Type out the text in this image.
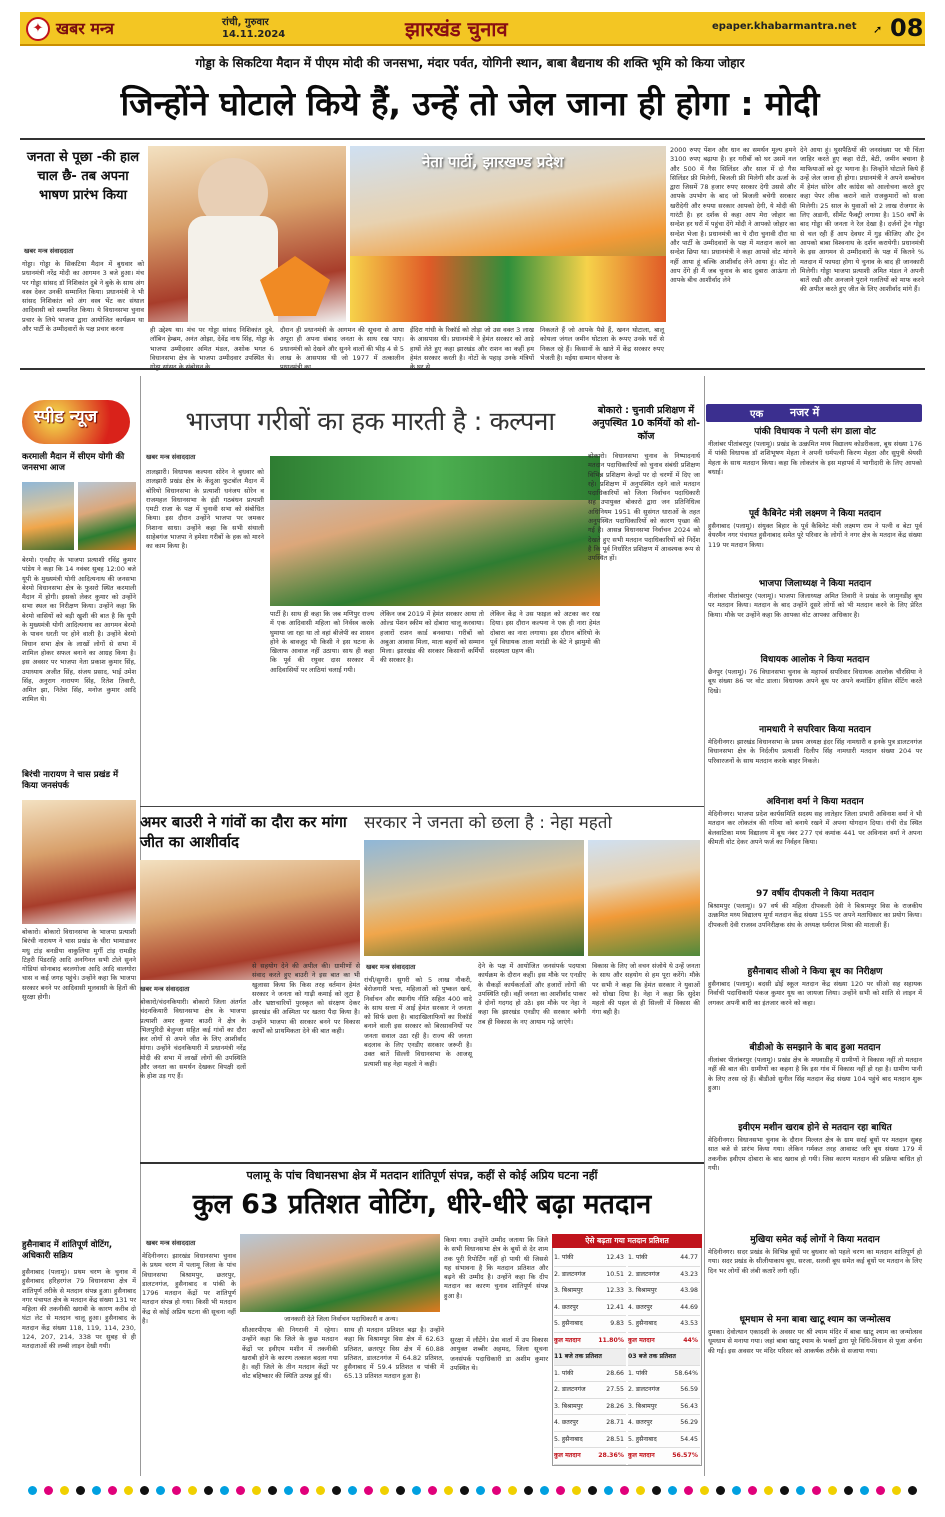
✦ खबर मन्त्र	रांची, गुरुवार
14.11.2024	झारखंड चुनाव	epaper.khabarmantra.net ➚ 08
गोड्डा के सिकटिया मैदान में पीएम मोदी की जनसभा, मंदार पर्वत, योगिनी स्थान, बाबा बैद्यनाथ की शक्ति भूमि को किया जोहार
जिन्होंने घोटाले किये हैं, उन्हें तो जेल जाना ही होगा : मोदी
जनता से पूछा -की हाल चाल छै- तब अपना भाषण प्रारंभ किया
खबर मन्त्र संवाददाता
गोड्डा। गोड्डा के सिकटिया मैदान में बुधवार को प्रधानमंत्री नरेंद्र मोदी का आगमन 3 बजे हुआ। मंच पर गोड्डा सांसद डॉ निशिकांत दुबे ने बुके के साथ अंग वस्त्र देकर उनकी सम्मानित किया। प्रधानमंत्री ने भी सांसद निशिकांत को अंग वस्त्र भेंट कर संथाल आदिवासी को सम्मानित किया। ये विधानसभा चुनाव प्रचार के लिये भाजपा द्वारा आयोजित कार्यक्रम था और पार्टी के उम्मीदवारों के पक्ष प्रचार करना
नेता पार्टी, झारखण्ड प्रदेश
ही उद्देश्य था। मंच पर गोड्डा सांसद निशिकांत दुबे, लॉबिन हेम्ब्रम, अनंत ओझा, देवेंद्र नाथ सिंह, गोड्डा के भाजपा उम्मीदवार अमित मंडल, अशोक भगत 6 विधानसभा क्षेत्र के भाजपा उम्मीदवार उपस्थित थे।
दौरान ही प्रधानमंत्री के आगमन की सूचना से आया अपूरा ही अपना संबाद जनता के साथ रख पाए। प्रधानमंत्री को देखने और सुनने वालों की भीड़ 4 से 5 लाख के आसपास थी जो 1977 में तत्कालीन
ईंदिरा गांधी के रिकॉर्ड को तोड़ा जो उस वक्त 3 लाख के आसपास थी। प्रधानमंत्री ने हेमंत सरकार को आड़े हाथों लेते हुए कहा झारखंड और राशन का कहीं हम हेमंत सरकार करती है। नोटों के पहाड़ उनके मंत्रियों
निकलते हैं जो आपके पैसे हैं, खनन घोटाला, बालू कोयला जंगल जमीन घोटाला के रूपए उनके घरों से निकल रहे हैं। किसानों के खाते में केंद्र सरकार रुपए भेजती है। मईया सम्मान योजना के
2000 रुपए पेंशन और धान का समर्थन मूल्य हमने 3100 रुपए बढ़ाया है। हर गरीबों को घर उसमें नल और 500 में गैस सिलिंडर और साल में दो गैस सिलिंडर फ्री मिलेगी, बिजली फ्री मिलेगी सौर ऊर्जा के द्वारा जिसमें 78 हजार रुपए सरकार देगी उससे और आपके उपभोग के बाद जो बिजली बचेगी सरकार खरीदेगी और रुपया सरकार आपको देगी, ये मोदी की गारंटी है। हर दर्शक से कहा आप मेरा जोहार का सन्देश हर घरों में पहुंचा देंगे मोदी ने आपको जोहार का सन्देश भेजा है। प्रधानमंत्री का ये दौरा चुनावी दौरा था और पार्टी के उम्मीदवारों के पक्ष में मतदान करने का सन्देश छिपा था। प्रधानमंत्री ने कहा आपसे वोट मांगने नहीं आया हूं बल्कि आशीर्वाद लेने आया हूं। वोट तो आप देंगे ही मैं जब चुनाव के बाद दुबारा आऊंगा तो आपके बीच आशीर्वाद लेने
देने आया हूं। घुसपैठियों की जनसंख्या पर भी चिंता जाहिर करते हुए कहा रोटी, बेटी, जमीन बचाना है माफियाओं को दूर भगाना है। जिन्होंने घोटाले किये हैं उन्हें जेल जाना ही होगा। प्रधानमंत्री ने अपने सम्बोधन में हेमंत सोरेन और कांग्रेस को आलोचना करते हुए कहा पेपर लीक कराने वाले राजकुमारों को सजा मिलेगी। 25 साल के युवाओं को 2 लाख रोजगार के लिए अडानी, सीमेंट फैक्ट्री लगाया है। 150 वर्षों के बाद गोड्डा की जनता ने रेल देखा है। दर्जनों ट्रेन गोड्डा से चल रही हैं आप देवघर में गुड़ कीजिए और ट्रेन आपको बाबा विश्वनाथ के दर्शन करायेगी। प्रधानमंत्री के इस आगमन से उम्मीदवारों के पक्ष में कितने % मतदान में फायदा होगा ये चुनाव के बाद ही जानकारी मिलेगी। गोड्डा भाजपा प्रत्याशी अमित मंडल ने अपनी बातें रखी और अनजाने पुराने गलतियों को माफ करने की अपील करते हुए जीत के लिए आशीर्वाद मांगे हैं।
स्पीड न्यूज
करमाली मैदान में सीएम योगी की जनसभा आज
बेरमो। एनडीए के भाजपा प्रत्याशी रविंद्र कुमार पांडेय ने कहा कि 14 नवंबर सुबह 12:00 बजे यूपी के मुख्यमंत्री योगी आदित्यनाथ की जनसभा बेरमो विधानसभा क्षेत्र के फुसरो स्थित करमाली मैदान में होगी। इसको लेकर कुमार को उन्होंने सभा स्थल का निरीक्षण किया। उन्होंने कहा कि बेरमो वासियों को बड़ी खुशी की बात है कि यूपी के मुख्यमंत्री योगी आदित्यनाथ का आगमन बेरमो के पावन धरती पर होने वाली है। उन्होंने बेरमो विधान सभा क्षेत्र के लाखों लोगों से सभा में शामिल होकर सफल बनाने का आग्रह किया है। इस अवसर पर भाजपा नेता प्रकाश कुमार सिंह, उपाध्याय अजीत सिंह, संजय प्रसाद, भाई उमेश सिंह, अनुराग नारायण सिंह, रितेश तिवारी, अमित झा, नितेश सिंह, मनोज कुमार आदि शामिल थे।
बिरंची नारायण ने चास प्रखंड में किया जनसंपर्क
बोकारो। बोकारो विधानसभा के भाजपा प्रत्याशी बिरंची नारायण ने चास प्रखंड के चीरा भामाडावर मधु टांड़ बनडीया वाकुलिया मुर्गी टांड़ रामडीह टिहरी पिंडराहि आदि अनगिनत सभी टोले सुनने गोडियां सोनाबाद बरलगोजा आदि आदि वालगोरा चास व कई जगह पहुंचे। उन्होंने कहा कि भाजपा सरकार बनने पर आदिवासी मूलवासी के हितों की सुरक्षा होगी।
हुसैनाबाद में शांतिपूर्ण वोटिंग, अधिकारी सक्रिय
हुसैनाबाद (पलामू)। प्रथम चरण के चुनाव में हुसैनाबाद हरिहरगंज 79 विधानसभा क्षेत्र में शांतिपूर्ण तरीके से मतदान संपन्न हुआ। हुसैनाबाद नगर पंचायत क्षेत्र के मतदान केंद्र संख्या 131 पर महिला की तकनीकी खराबी के कारण करीब दो घंटा लेट से मतदान चालू हुआ। हुसैनाबाद के मतदान केंद्र संख्या 118, 119, 114, 230, 124, 207, 214, 338 पर सुबह से ही मतदाताओं की लम्बी लाइन देखी गयी।
भाजपा गरीबों का हक मारती है : कल्पना
खबर मन्त्र संवाददाता
तालझारी। विधायक कल्पना सोरेन ने बुधवार को तालझारी प्रखंड क्षेत्र के केंदुआ फुटबॉल मैदान में बोरियो विधानसभा के प्रत्याशी धनंजय सोरेन व राजमहल विधानसभा के इंडी गठबंधन प्रत्याशी एमटी राजा के पक्ष में चुनावी सभा को संबोधित किया। इस दौरान उन्होंने भाजपा पर जमकर निशाना साधा। उन्होंने कहा कि सभी संथाली साहेबगंज भाजपा ने हमेशा गरीबों के हक को मारने का काम किया है।
पार्टी है। साथ ही कहा कि जब मणिपुर राज्य में एक आदिवासी महिला को निर्वस्त्र करके घुमाया जा रहा था तो वहां बीजेपी का शासन होने के बावजूद भी किसी ने इस घटना के खिलाफ आवाज नहीं उठाया। साथ ही कहा कि पूर्व की रघुवर दास सरकार में आदिवासियों पर लाठियां चलाई गयी।
लेकिन जब 2019 में हेमंत सरकार आया तो ओल्ड पेंशन स्कीम को दोबारा चालू करवाया। हजारों राशन कार्ड बनवाया। गरीबों को अबुआ आवास मिला, माता बहनों को सम्मान मिला। झारखंड की सरकार किसानों कर्मियों की सरकार है।
लेकिन केंद्र ने उस फाइल को अटका कर रख दिया। इस दौरान कल्पना ने एक ही नारा हेमंत दोबारा का नारा लगाया। इस दौरान बोरियो के पूर्व विधायक ताला मरांडी के बेटे ने झामुमो की सदस्यता ग्रहण की।
बोकारो : चुनावी प्रशिक्षण में अनुपस्थित 10 कर्मियों को शो-कॉज
बोकारो। विधानसभा चुनाव के निष्पादनार्थ मतदान पदाधिकारियों को चुनाव संबंधी प्रशिक्षण विभिन्न प्रशिक्षण केन्द्रों पर दो चरणों में दिए जा रहे। प्रशिक्षण में अनुपस्थित रहने वाले मतदान पदाधिकारियों को जिला निर्वाचन पदाधिकारी सह उपायुक्त बोकारो द्वारा जन प्रतिनिधित्व अधिनियम 1951 की सुसंगत धाराओं के तहत अनुपस्थित पदाधिकारियों को कारण पृच्छा की गई है। आसन्न विधानसभा निर्वाचन 2024 को देखते हुए सभी मतदान पदाधिकारियों को निर्देश है कि पूर्व निर्धारित प्रशिक्षण में आवश्यक रूप से उपस्थित हों।
एक नजर में
पांकी विधायक ने पत्नी संग डाला वोट
नीलांबर पीतांबरपुर (पलामू)। प्रखंड के उत्क्रमित मध्य विद्यालय कोडरीकला, बूथ संख्या 176 में पांकी विधायक डॉ शशिभूषण मेहता ने अपनी धर्मपत्नी किरण मेहता और सुपुत्री श्रेयसी मेहता के साथ मतदान किया। कहा कि लोकतंत्र के इस महापर्व में भागीदारी के लिए आपको बधाई।
पूर्व कैबिनेट मंत्री लक्ष्मण ने किया मतदान
हुसैनाबाद (पलामू)। संयुक्त बिहार के पूर्व कैबिनेट मंत्री लक्ष्मण राम ने पत्नी व बेटा पूर्व वेयरमैन नगर पंचायत हुसैनाबाद समेत पूरे परिवार के लोगों ने नगर क्षेत्र के मतदान केंद्र संख्या 119 पर मतदान किया।
भाजपा जिलाध्यक्ष ने किया मतदान
नीलांबर पीतांबरपुर (पलामू)। भाजपा जिलाध्यक्ष अमित तिवारी ने प्रखंड के जामुनडीह बूथ पर मतदान किया। मतदान के बाद उन्होंने दूसरे लोगों को भी मतदान करने के लिए प्रेरित किया। मौके पर उन्होंने कहा कि आपका वोट आपका अधिकार है।
विधायक आलोक ने किया मतदान
छैनपुर (पलामू)। 76 विधानसभा चुनाव के महापर्व सपरिवार विधायक आलोक चौरसिया ने बूथ संख्या 86 पर वोट डाला। विधायक अपने बूथ पर अपने कमांडिंग हंसिल सेंटिंग करते दिखे।
नामधारी ने सपरिवार किया मतदान
मेदिनीनगर। झारखंड विधानसभा के प्रथम अध्यक्ष इंदर सिंह नामधारी व इनके पुत्र डालटनगंज विधानसभा क्षेत्र के निर्दलीय प्रत्याशी दिलीप सिंह नामधारी मतदान संख्या 204 पर परिवारजनों के साथ मतदान करके बाहर निकले।
अविनाश वर्मा ने किया मतदान
मेदिनीनगर। भाजपा प्रदेश कार्यसमिति सदस्य सह लातेहार जिला प्रभारी अविनाश वर्मा ने भी मतदान कर लोकतंत्र की गरिमा को बनाये रखने में अपना योगदान दिया। रांची रोड स्थित बेलवाटिका मध्य विद्यालय में बूथ नंबर 277 एवं कमांक 441 पर अविनाश वर्मा ने अपना कीमती वोट देकर अपने फर्ज का निर्वहन किया।
97 वर्षीय दीपकली ने किया मतदान
बिश्रामपुर (पलामू)। 97 वर्ष की महिला दीपकली देवी ने बिश्रामपुर विस के राजकीय उत्क्रमित मध्य विद्यालय मूर्गा मतदान केंद्र संख्या 155 पर अपने मताधिकार का प्रयोग किया। दीपकली देवी राजस्व उपनिरीक्षक संघ के अध्यक्ष धर्मराज मिश्रा की माताजी हैं।
हुसैनाबाद सीओ ने किया बूथ का निरीक्षण
हुसैनाबाद (पलामू)। बदसी ढोई स्कूल मतदान केंद्र संख्या 120 पर सीओ सह सहायक निर्वाची पदाधिकारी पंकज कुमार यूथ का जायजा लिया। उन्होंने सभी को शांति से लाइन में लगकर अपनी बारी का इंतजार करने को कहा।
बीडीओ के समझाने के बाद हुआ मतदान
नीलांबर पीतांबरपुर (पलामू)। प्रखंड क्षेत्र के मधवाडीह में ग्रामीणों ने विकास नहीं तो मतदान नहीं की बात की। ग्रामीणों का कहना है कि इस गांव में विकास नहीं हो रहा है। ग्रामीण पानी के लिए तरस रहे हैं। बीडीओ सुनील सिंह मतदान केंद्र संख्या 104 पहुंचे बाद मतदान शुरू हुआ।
इवीएम मशीन खराब होने से मतदान रहा बाधित
मेदिनीनगर। विधानसभा चुनाव के दौरान मिल्लत क्षेत्र के ग्राम सरई बूथों पर मतदान सुबह सात बजे से प्रारंभ किया गया। लेकिन गर्मकत तरह आवास्ट जरि बूथ संख्या 179 में तकनीक इवीएम दोबारा के बाद खराब हो गयी। जिस कारण मतदान की प्रक्रिया बाधित हो गयी।
मुखिया समेत कई लोगों ने किया मतदान
मेदिनीनगर। सदर प्रखंड के विभिन्न बूथों पर बुधवार को पहले चरण का मतदान शांतिपूर्ण हो गया। सदर प्रखंड के सीलीयाकाय बूथ, सरजा, सलवी बूथ समेत कई बूथों पर मतदान के लिए दिन भर लोगों की लंबी कतारें लगी रहीं।
धूमधाम से मना बाबा खाटू श्याम का जन्मोत्सव
दुमका। देवोत्थान एकादशी के अवसर पर श्री श्याम मंदिर में बाबा खाटू श्याम का जन्मोत्सव धूमधाम से मनाया गया। जहां बाबा खाटू श्याम के भक्तों द्वारा पूरे विधि-विधान से पूजा अर्चना की गई। इस अवसर पर मंदिर परिसर को आकर्षक तरीके से सजाया गया।
अमर बाउरी ने गांवों का दौरा कर मांगा जीत का आशीर्वाद
खबर मन्त्र संवाददाता
बोकारो/चंदनकियारी। बोकारो जिला अंतर्गत चंदनकियारी विधानसभा क्षेत्र के भाजपा प्रत्याशी अमर कुमार बाउरी ने क्षेत्र के भिलपुरिदी बेलुन्जा सहित कई गांवों का दौरा कर लोगों से अपने जीत के लिए आशीर्वाद मांगा। उन्होंने चंदनकियारी में प्रधानमंत्री नरेंद्र मोदी की सभा में लाखों लोगों की उपस्थिति और जनता का समर्थन देखकर विपक्षी दलों के होश उड़ गए हैं।
से सहयोग देने की अपील की। ग्रामीणों से संवाद करते हुए बाउरी ने इस बात का भी खुलासा किया कि किस तरह वर्तमान हेमंत सरकार ने जनता को गाढ़ी कमाई को लूटा है और भ्रष्टाचारियों पुरस्कृत को संरक्षण देकर झारखंड की अस्मिता पर खतरा पैदा किया है। उन्होंने भाजपा की सरकार बनने पर विकास कार्यों को प्राथमिकता देने की बात कही।
सरकार ने जनता को छला है : नेहा महतो
खबर मन्त्र संवाददाता
रांची/सुगरी। सुगरी को 5 लाख नौकरी, बेरोजगारी भत्ता, महिलाओं को पुष्कल खर्च, निर्वाचन और स्थानीय नीति सहित 400 वादे के साथ सत्ता में आई हेमंत सरकार ने जनता को सिर्फ छला है। बादाखिलाफियों का रिकॉर्ड बनाने वाली इस सरकार को बिरसावनियों पर जनता सवाल उठा रही है। राज्य की जनता बदलाव के लिए एनडीए सरकार जरूरी है। उक्त बातें सिल्ली विधानसभा के आजसू प्रत्याशी सह नेहा महतो ने कही।
देने के पक्ष में आयोजित जनसंपर्क पदयात्रा कार्यक्रम के दौरान कहीं। इस मौके पर एनडीए के सैकड़ों कार्यकर्ताओं और हजारों लोगों की उपस्थिति रही। वहीं जनता का आशीर्वाद पाकर वे दोनों गदगद हो उठे। इस मौके पर नेहा ने कहा कि झारखंड एनडीए की सरकार बनेगी तब ही विकास के नए आयाम गढ़े जाएंगे।
विकास के लिए जो वचन संजोये थे उन्हें जनता के साथ और सहयोग से हम पूरा करेंगे। मौके पर सभी ने कहा कि हेमंत सरकार ने युवाओं को धोखा दिया है। नेहा ने कहा कि सुदेश महतो की पहल से ही सिल्ली में विकास की गंगा बही है।
पलामू के पांच विधानसभा क्षेत्र में मतदान शांतिपूर्ण संपन्न, कहीं से कोई अप्रिय घटना नहीं
कुल 63 प्रतिशत वोटिंग, धीरे-धीरे बढ़ा मतदान
खबर मन्त्र संवाददाता
जानकारी देते जिला निर्वाचन पदाधिकारी व अन्य।
मेदिनीनगर। झारखंड विधानसभा चुनाव के प्रथम चरण में पलामू जिला के पांच विधानसभा बिश्रामपुर, छतरपुर, डालटनगंज, हुसैनाबाद व पांकी के 1796 मतदान केंद्रों पर शांतिपूर्ण मतदान संपन्न हो गया। किसी भी मतदान केंद्र से कोई अप्रिय घटना की सूचना नहीं है।
सीआरपीएफ की निगरानी में रहेगा। उन्होंने कहा कि जिले के कुछ मतदान केंद्रों पर इवीएम मशीन में तकनीकी खराबी होने के कारण तत्काल बदला गया है। वहीं जिले के तीन मतदान केंद्रों पर वोट बहिष्कार की स्थिति उत्पन्न हुई थी।
किया गया। उन्होंने उम्मीद जताया कि जिले के सभी विधानसभा क्षेत्र के बूथों से देर शाम तक पूरी रिपोर्टिंग नहीं हो पायी थी जिससे यह संभावना है कि मतदान प्रतिशत और बढ़ने की उम्मीद है। उन्होंने कहा कि दीप मतदान का कारण चुनाव शांतिपूर्ण संपन्न हुआ है।
साथ ही मतदान प्रतिशत बढ़ा है। उन्होंने कहा कि विश्रामपुर विस क्षेत्र में 62.63 प्रतिशत, छतरपुर विस क्षेत्र में 60.88 प्रतिशत, डालटनगंज में 64.82 प्रतिशत, हुसैनाबाद में 59.4 प्रतिशत व पांकी में 65.13 प्रतिशत मतदान हुआ है।
सुरक्षा में लौटेंगे। प्रेस वार्ता में उप विकास आयुक्त शब्बीर अहमद, जिला सूचना जनसंपर्क पदाधिकारी डा अशीम कुमार उपस्थित थे।
ऐसे बढ़ता गया मतदान प्रतिशत
1. पांकी	12.43
2. डालटनगंज	10.51
3. बिश्रामपुर	12.33
4. छतरपुर	12.41
5. हुसैनाबाद	9.83
कुल मतदान	11.80%
11 बजे तक प्रतिशत
1. पांकी	28.66
2. डालटनगंज	27.55
3. बिश्रामपुर	28.26
4. छतरपुर	28.71
5. हुसैनाबाद	28.51
कुल मतदान	28.36%
1. पांकी	44.77
2. डालटनगंज	43.23
3. बिश्रामपुर	43.98
4. छतरपुर	44.69
5. हुसैनाबाद	43.53
कुल मतदान	44%
03 बजे तक प्रतिशत
1. पांकी	58.64%
2. डालटनगंज	56.59
3. बिश्रामपुर	56.43
4. छतरपुर	56.29
5. हुसैनाबाद	54.45
कुल मतदान	56.57%
